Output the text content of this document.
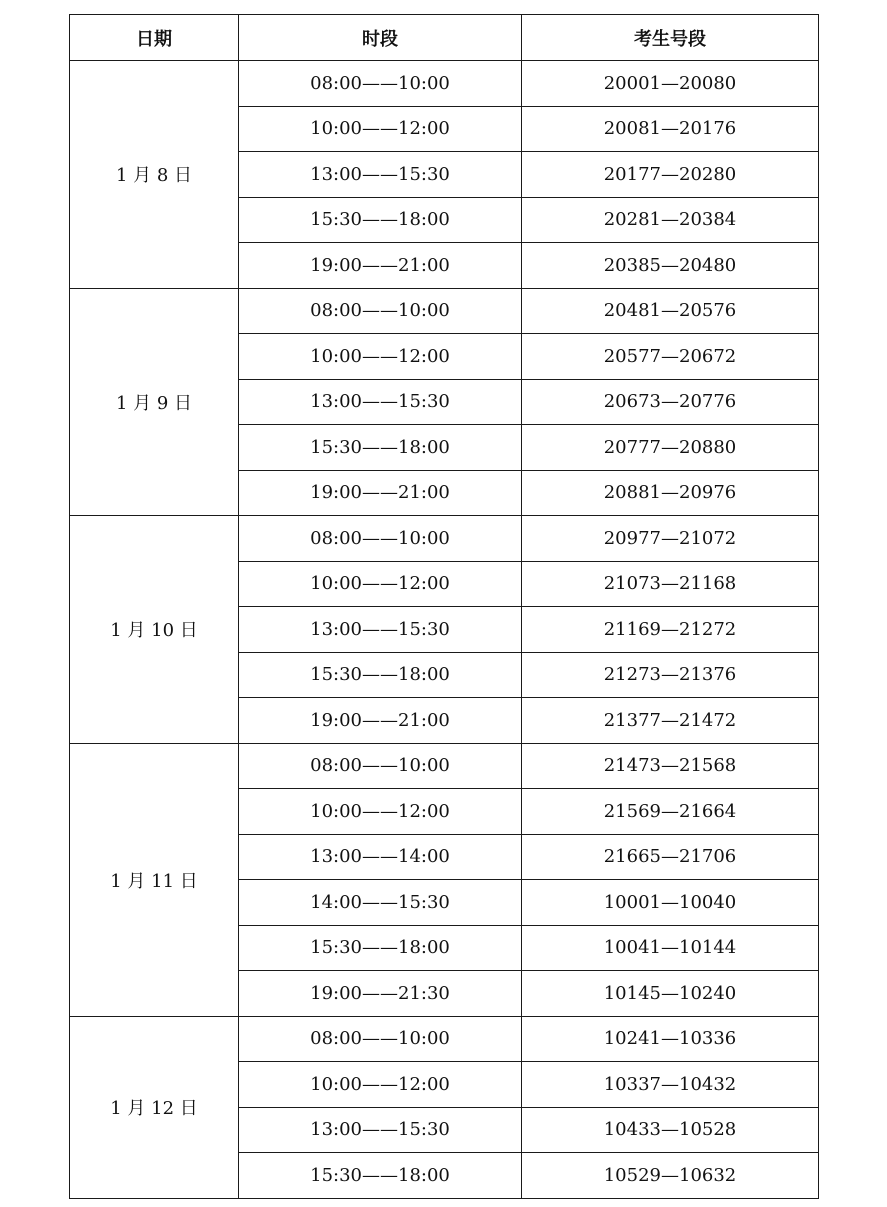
日期	时段	考生号段
1 月 8 日	08:00——10:00	20001—20080
	10:00——12:00	20081—20176
	13:00——15:30	20177—20280
	15:30——18:00	20281—20384
	19:00——21:00	20385—20480
1 月 9 日	08:00——10:00	20481—20576
	10:00——12:00	20577—20672
	13:00——15:30	20673—20776
	15:30——18:00	20777—20880
	19:00——21:00	20881—20976
1 月 10 日	08:00——10:00	20977—21072
	10:00——12:00	21073—21168
	13:00——15:30	21169—21272
	15:30——18:00	21273—21376
	19:00——21:00	21377—21472
1 月 11 日	08:00——10:00	21473—21568
	10:00——12:00	21569—21664
	13:00——14:00	21665—21706
	14:00——15:30	10001—10040
	15:30——18:00	10041—10144
	19:00——21:30	10145—10240
1 月 12 日	08:00——10:00	10241—10336
	10:00——12:00	10337—10432
	13:00——15:30	10433—10528
	15:30——18:00	10529—10632
